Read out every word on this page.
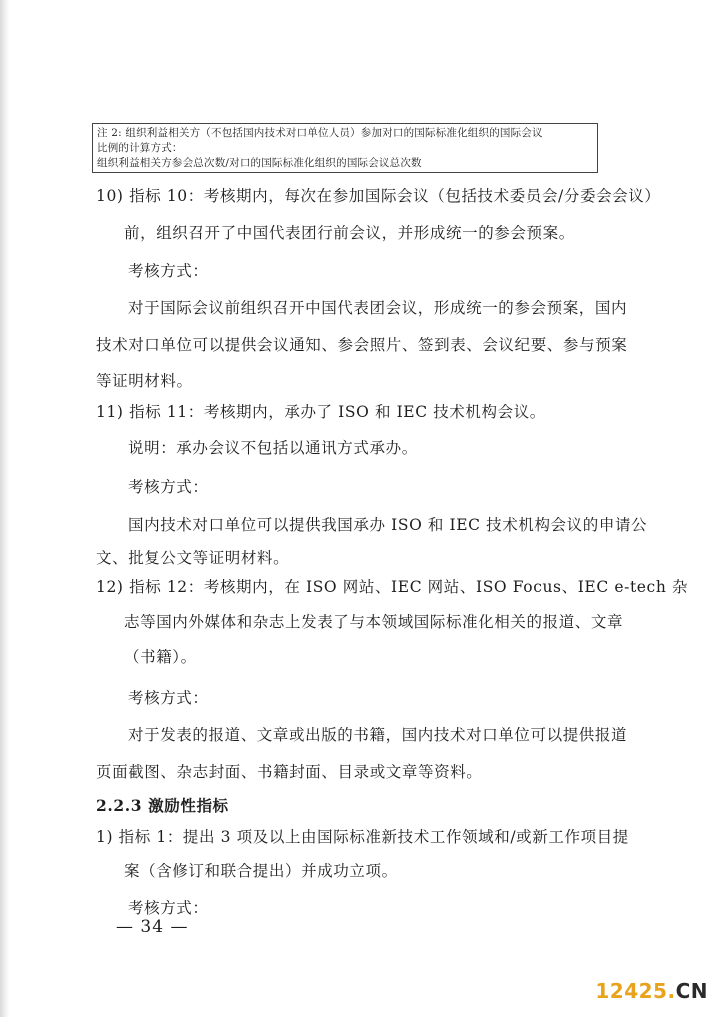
注 2: 组织利益相关方（不包括国内技术对口单位人员）参加对口的国际标准化组织的国际会议
比例的计算方式：
组织利益相关方参会总次数/对口的国际标准化组织的国际会议总次数
10) 指标 10：考核期内，每次在参加国际会议（包括技术委员会/分委会会议）
前，组织召开了中国代表团行前会议，并形成统一的参会预案。
考核方式：
对于国际会议前组织召开中国代表团会议，形成统一的参会预案，国内
技术对口单位可以提供会议通知、参会照片、签到表、会议纪要、参与预案
等证明材料。
11) 指标 11：考核期内，承办了 ISO 和 IEC 技术机构会议。
说明：承办会议不包括以通讯方式承办。
考核方式：
国内技术对口单位可以提供我国承办 ISO 和 IEC 技术机构会议的申请公
文、批复公文等证明材料。
12) 指标 12：考核期内，在 ISO 网站、IEC 网站、ISO Focus、IEC e-tech 杂
志等国内外媒体和杂志上发表了与本领域国际标准化相关的报道、文章
（书籍）。
考核方式：
对于发表的报道、文章或出版的书籍，国内技术对口单位可以提供报道
页面截图、杂志封面、书籍封面、目录或文章等资料。
2.2.3 激励性指标
1) 指标 1：提出 3 项及以上由国际标准新技术工作领域和/或新工作项目提
案（含修订和联合提出）并成功立项。
考核方式：
— 34 —
12425.CN
